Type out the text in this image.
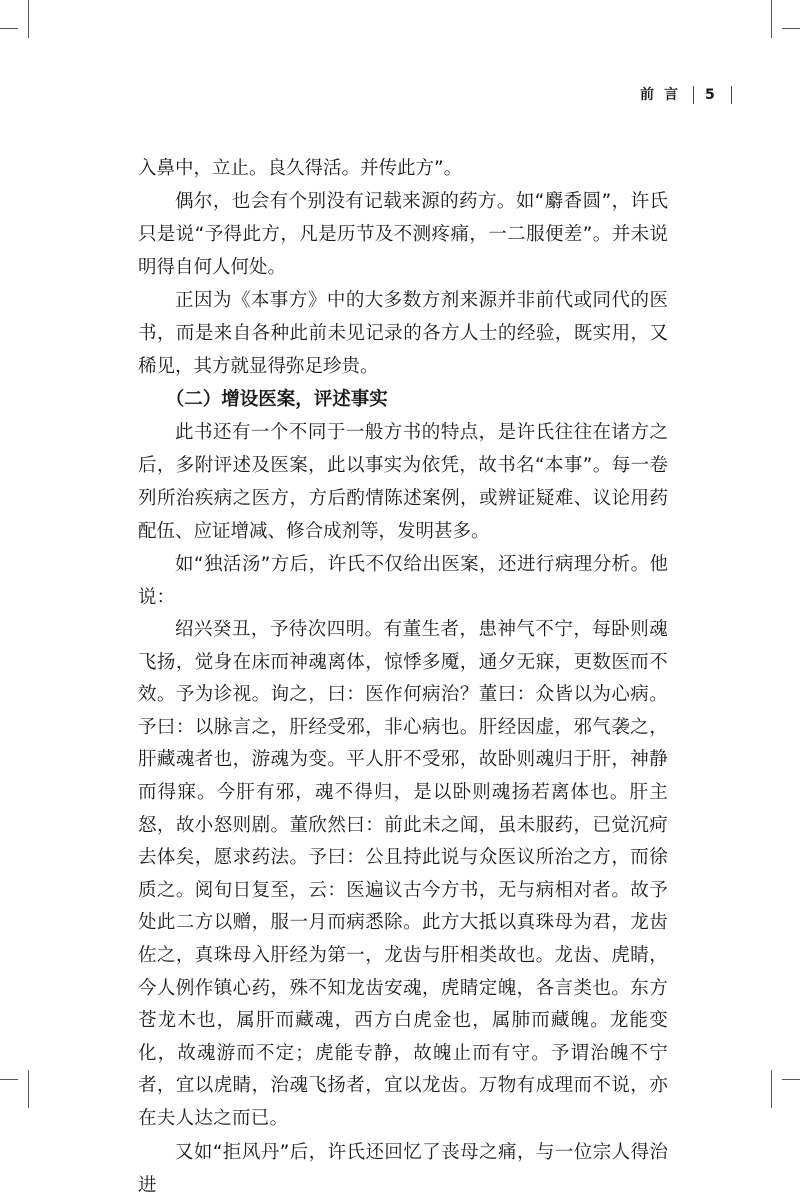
前言 5

入鼻中，立止。良久得活。并传此方”。

偶尔，也会有个别没有记载来源的药方。如“麝香圆”，许氏只是说“予得此方，凡是历节及不测疼痛，一二服便差”。并未说明得自何人何处。

正因为《本事方》中的大多数方剂来源并非前代或同代的医书，而是来自各种此前未见记录的各方人士的经验，既实用，又稀见，其方就显得弥足珍贵。

（二）增设医案，评述事实

此书还有一个不同于一般方书的特点，是许氏往往在诸方之后，多附评述及医案，此以事实为依凭，故书名“本事”。每一卷列所治疾病之医方，方后酌情陈述案例，或辨证疑难、议论用药配伍、应证增减、修合成剂等，发明甚多。

如“独活汤”方后，许氏不仅给出医案，还进行病理分析。他说：

绍兴癸丑，予待次四明。有董生者，患神气不宁，每卧则魂飞扬，觉身在床而神魂离体，惊悸多魇，通夕无寐，更数医而不效。予为诊视。询之，曰：医作何病治？董曰：众皆以为心病。予曰：以脉言之，肝经受邪，非心病也。肝经因虚，邪气袭之，肝藏魂者也，游魂为变。平人肝不受邪，故卧则魂归于肝，神静而得寐。今肝有邪，魂不得归，是以卧则魂扬若离体也。肝主怒，故小怒则剧。董欣然曰：前此未之闻，虽未服药，已觉沉疴去体矣，愿求药法。予曰：公且持此说与众医议所治之方，而徐质之。阅旬日复至，云：医遍议古今方书，无与病相对者。故予处此二方以赠，服一月而病悉除。此方大抵以真珠母为君，龙齿佐之，真珠母入肝经为第一，龙齿与肝相类故也。龙齿、虎睛，今人例作镇心药，殊不知龙齿安魂，虎睛定魄，各言类也。东方苍龙木也，属肝而藏魂，西方白虎金也，属肺而藏魄。龙能变化，故魂游而不定；虎能专静，故魄止而有守。予谓治魄不宁者，宜以虎睛，治魂飞扬者，宜以龙齿。万物有成理而不说，亦在夫人达之而已。

又如“拒风丹”后，许氏还回忆了丧母之痛，与一位宗人得治进
